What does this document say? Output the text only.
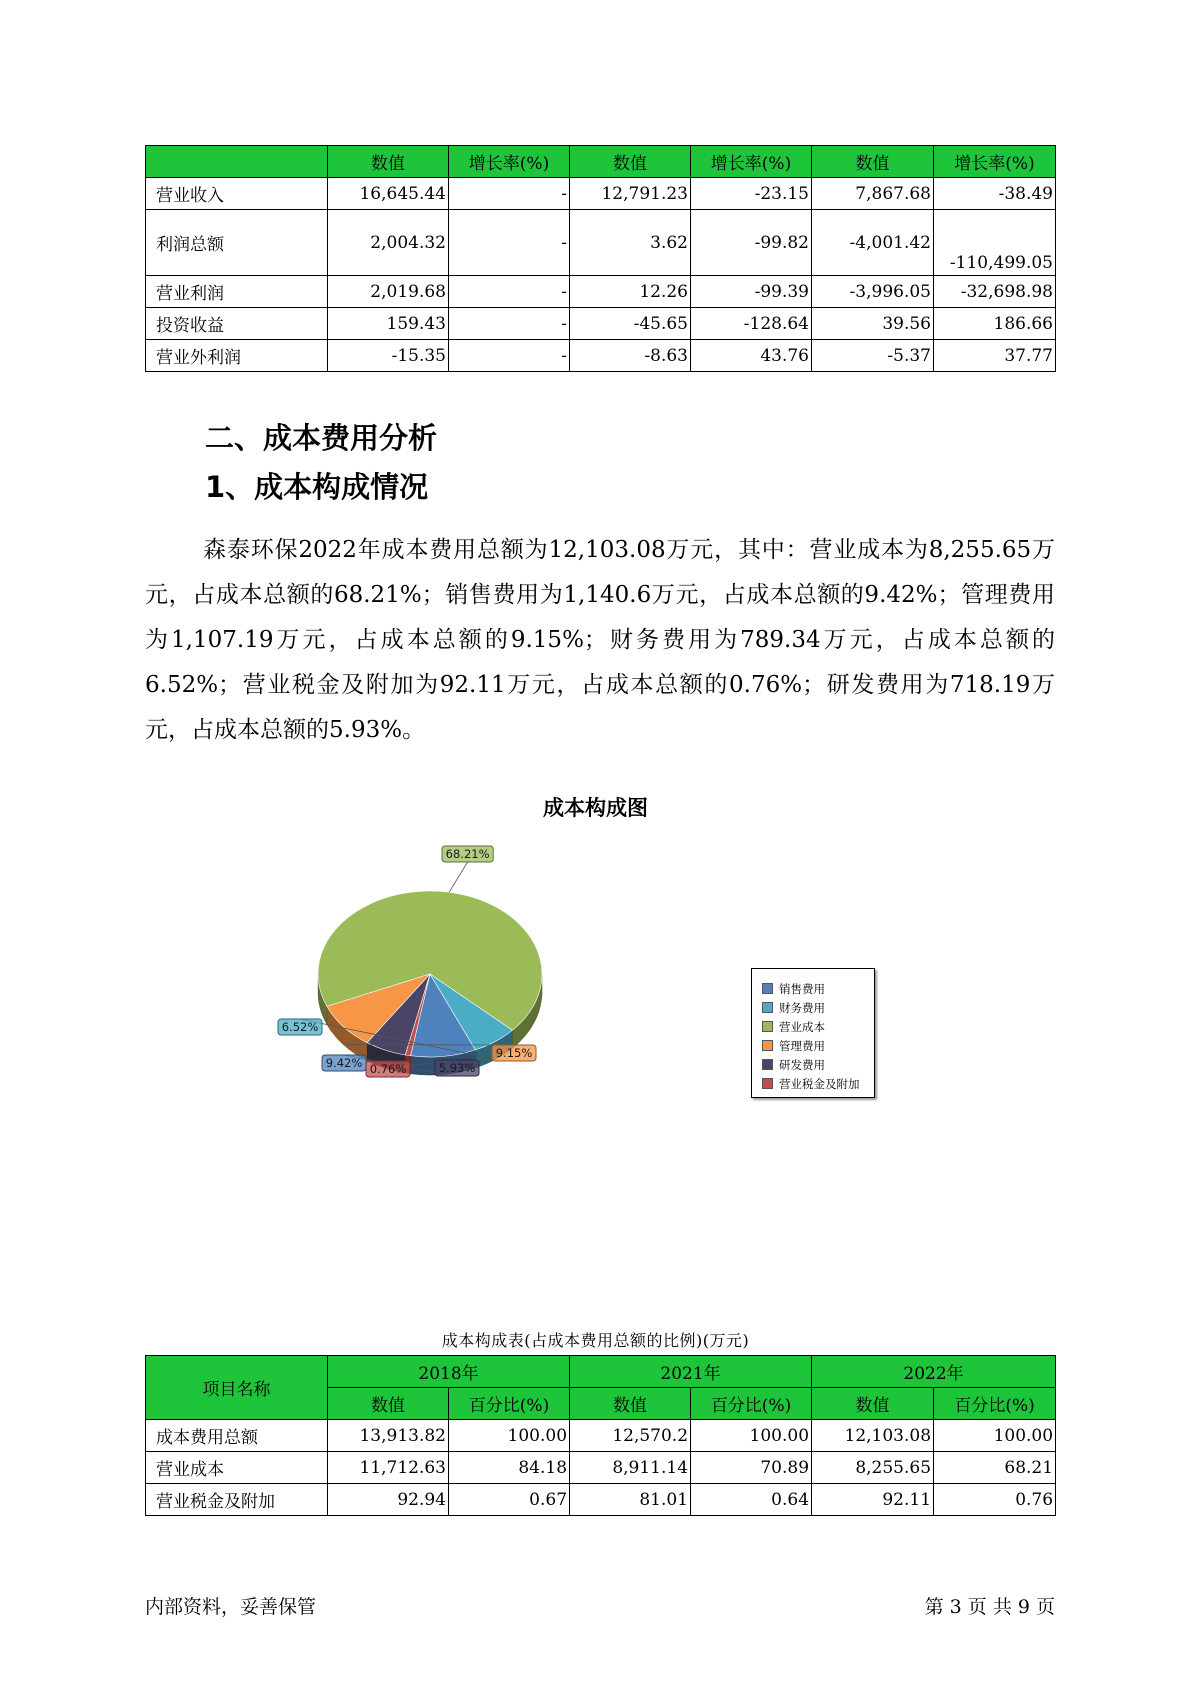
	数值	增长率(%)	数值	增长率(%)	数值	增长率(%)
营业收入	16,645.44	-	12,791.23	-23.15	7,867.68	-38.49
利润总额	2,004.32	-	3.62	-99.82	-4,001.42	-110,499.05
营业利润	2,019.68	-	12.26	-99.39	-3,996.05	-32,698.98
投资收益	159.43	-	-45.65	-128.64	39.56	186.66
营业外利润	-15.35	-	-8.63	43.76	-5.37	37.77
二、成本费用分析
1、成本构成情况

森泰环保2022年成本费用总额为12,103.08万元，其中：营业成本为8,255.65万元，占成本总额的68.21%；销售费用为1,140.6万元，占成本总额的9.42%；管理费用为1,107.19万元，占成本总额的9.15%；财务费用为789.34万元，占成本总额的6.52%；营业税金及附加为92.11万元，占成本总额的0.76%；研发费用为718.19万元，占成本总额的5.93%。

成本构成图
9.42%
6.52%
68.21%
9.15%
5.93%
0.76%
销售费用
财务费用
营业成本
管理费用
研发费用
营业税金及附加
成本构成表(占成本费用总额的比例)(万元)
项目名称	2018年		2021年		2022年	
	数值	百分比(%)	数值	百分比(%)	数值	百分比(%)
成本费用总额	13,913.82	100.00	12,570.2	100.00	12,103.08	100.00
营业成本	11,712.63	84.18	8,911.14	70.89	8,255.65	68.21
营业税金及附加	92.94	0.67	81.01	0.64	92.11	0.76
内部资料，妥善保管	第 3 页 共 9 页
